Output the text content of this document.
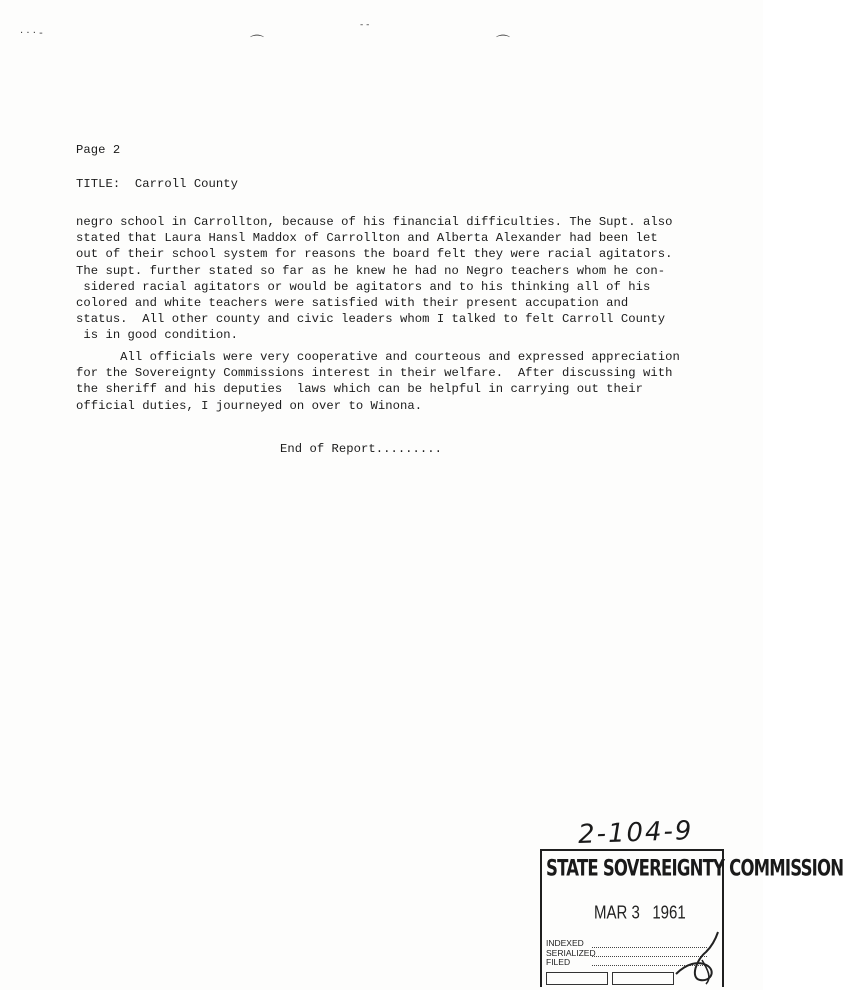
· · · -
⌒	⌒
- -
Page 2
TITLE:  Carroll County
negro school in Carrollton, because of his financial difficulties. The Supt. also
stated that Laura Hansl Maddox of Carrollton and Alberta Alexander had been let
out of their school system for reasons the board felt they were racial agitators.
The supt. further stated so far as he knew he had no Negro teachers whom he con-
sidered racial agitators or would be agitators and to his thinking all of his
colored and white teachers were satisfied with their present accupation and
status.  All other county and civic leaders whom I talked to felt Carroll County
is in good condition.
All officials were very cooperative and courteous and expressed appreciation
for the Sovereignty Commissions interest in their welfare.  After discussing with
the sheriff and his deputies  laws which can be helpful in carrying out their
official duties, I journeyed on over to Winona.
End of Report.........
2-104-9
STATE SOVEREIGNTY COMMISSION
MAR 3   1961
INDEXED
SERIALIZED
FILED
